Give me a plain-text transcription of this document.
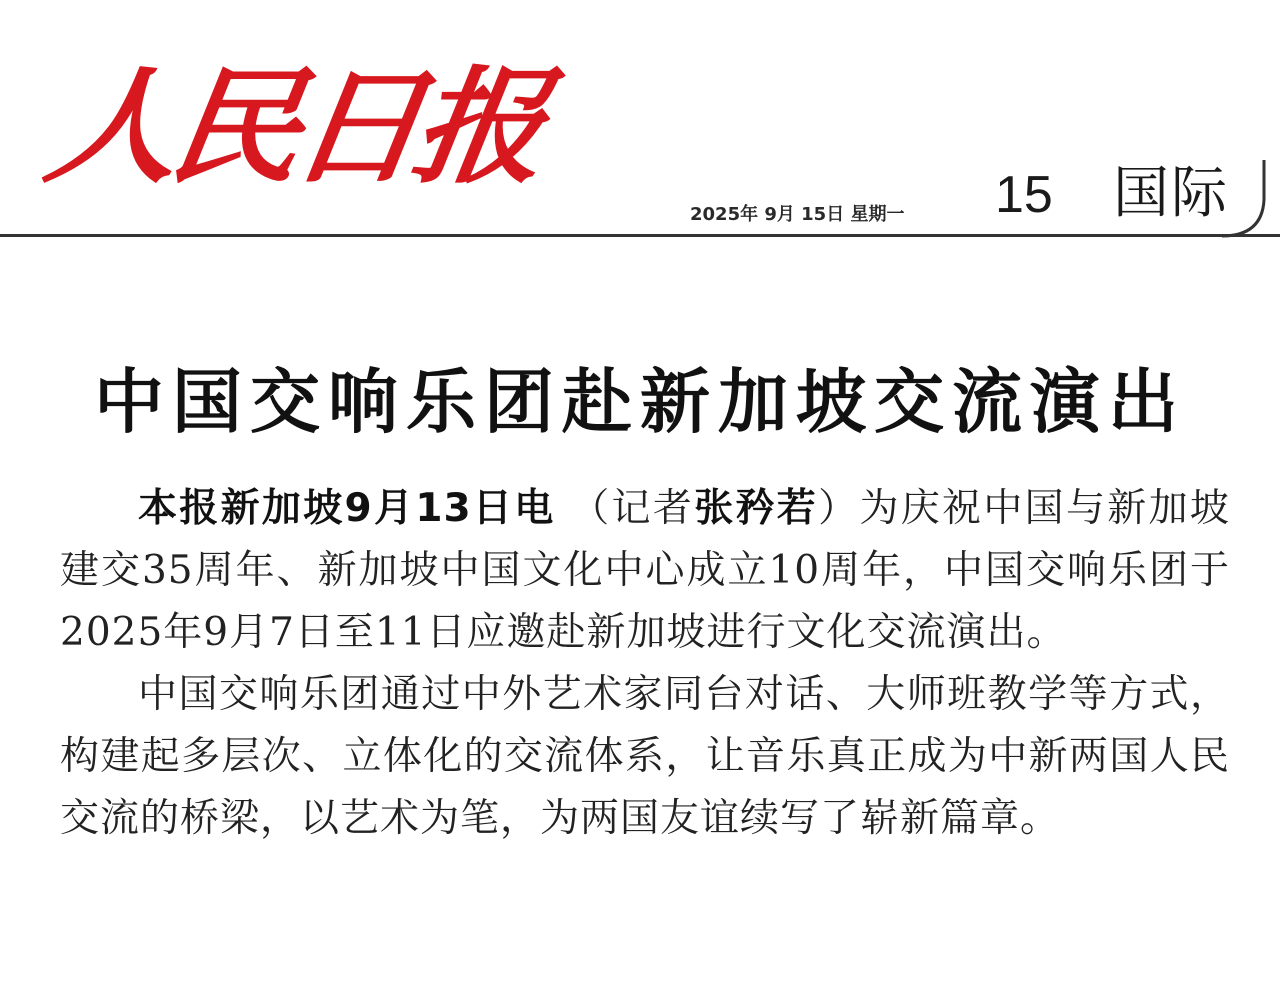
人民日报
2025年 9月 15日 星期一 15 国际
中国交响乐团赴新加坡交流演出

本报新加坡9月13日电 （记者张矜若）为庆祝中国与新加坡建交35周年、新加坡中国文化中心成立10周年，中国交响乐团于2025年9月7日至11日应邀赴新加坡进行文化交流演出。

中国交响乐团通过中外艺术家同台对话、大师班教学等方式，构建起多层次、立体化的交流体系，让音乐真正成为中新两国人民交流的桥梁，以艺术为笔，为两国友谊续写了崭新篇章。
